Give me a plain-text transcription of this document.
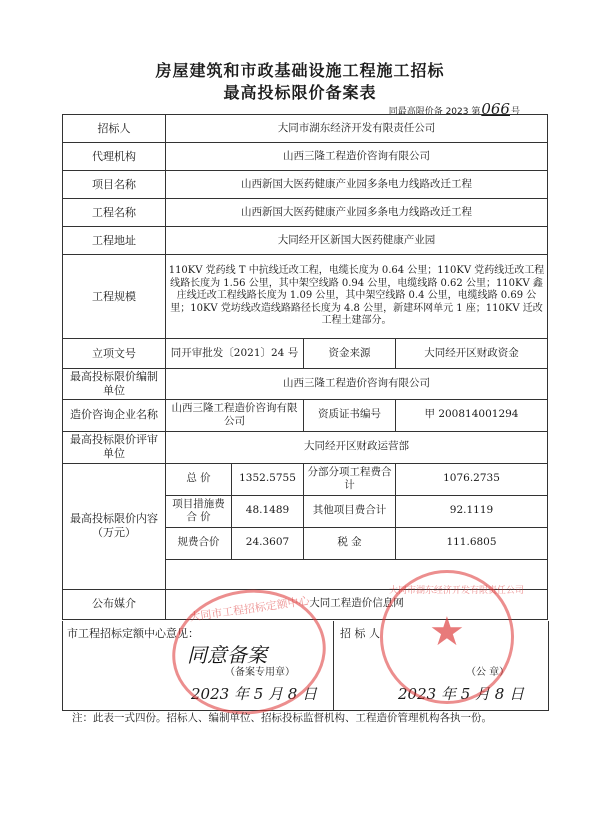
房屋建筑和市政基础设施工程施工招标
最高投标限价备案表
同最高限价备 2023 第066号
招标人	大同市湖东经济开发有限责任公司			
代理机构	山西三隆工程造价咨询有限公司			
项目名称	山西新国大医药健康产业园多条电力线路改迁工程			
工程名称	山西新国大医药健康产业园多条电力线路改迁工程			
工程地址	大同经开区新国大医药健康产业园			
工程规模	110KV 党药线 T 中抗线迁改工程，电缆长度为 0.64 公里；110KV 党药线迁改工程线路长度为 1.56 公里，其中架空线路 0.94 公里，电缆线路 0.62 公里；110KV 鑫庄线迁改工程线路长度为 1.09 公里，其中架空线路 0.4 公里，电缆线路 0.69 公里；10KV 党坊线改造线路路径长度为 4.8 公里，新建环网单元 1 座；110KV 迁改工程土建部分。			
立项文号	同开审批发〔2021〕24 号		资金来源	大同经开区财政资金
最高投标限价编制单位	山西三隆工程造价咨询有限公司			
造价咨询企业名称	山西三隆工程造价咨询有限公司		资质证书编号	甲 200814001294
最高投标限价评审单位	大同经开区财政运营部			
最高投标限价内容（万元）	总 价	1352.5755	分部分项工程费合计	1076.2735
	项目措施费合 价	48.1489	其他项目费合计	92.1119
	规费合价	24.3607	税 金	111.6805

公布媒介	大同工程造价信息网			
市工程招标定额中心意见：
同意备案
（备案专用章）
2023 年 5 月 8 日
招 标 人
（公 章）
2023 年 5 月 8 日
大同市工程招标定额中心	★
大同市湖东经济开发有限责任公司
注：此表一式四份。招标人、编制单位、招标投标监督机构、工程造价管理机构各执一份。
